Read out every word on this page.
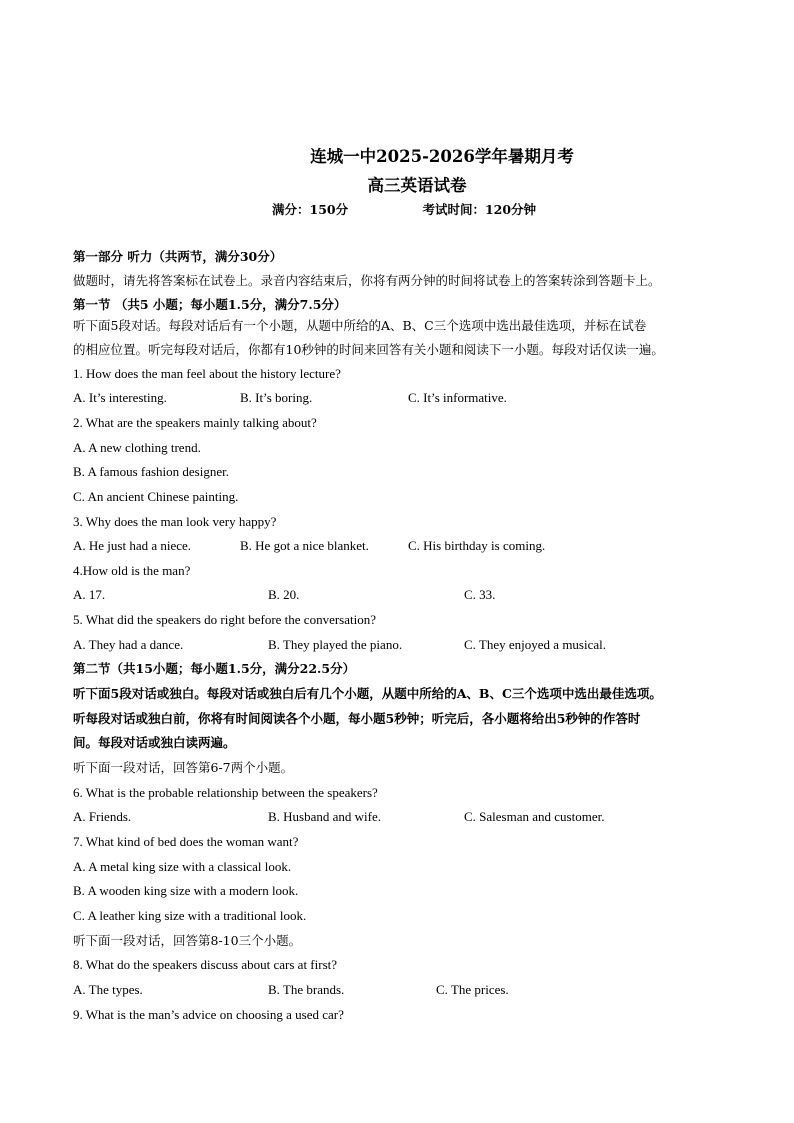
连城一中2025-2026学年暑期月考
高三英语试卷
满分：150分	考试时间：120分钟
第一部分 听力（共两节，满分30分）
做题时，请先将答案标在试卷上。录音内容结束后，你将有两分钟的时间将试卷上的答案转涂到答题卡上。
第一节 （共5 小题；每小题1.5分，满分7.5分）
听下面5段对话。每段对话后有一个小题，从题中所给的A、B、C三个选项中选出最佳选项，并标在试卷
的相应位置。听完每段对话后，你都有10秒钟的时间来回答有关小题和阅读下一小题。每段对话仅读一遍。
1. How does the man feel about the history lecture?
A. It’s interesting.	B. It’s boring.	C. It’s informative.
2. What are the speakers mainly talking about?
A. A new clothing trend.
B. A famous fashion designer.
C. An ancient Chinese painting.
3. Why does the man look very happy?
A. He just had a niece.	B. He got a nice blanket.	C. His birthday is coming.
4.How old is the man?
A. 17.	B. 20.	C. 33.
5. What did the speakers do right before the conversation?
A. They had a dance.	B. They played the piano.	C. They enjoyed a musical.
第二节（共15小题；每小题1.5分，满分22.5分）
听下面5段对话或独白。每段对话或独白后有几个小题，从题中所给的A、B、C三个选项中选出最佳选项。
听每段对话或独白前，你将有时间阅读各个小题，每小题5秒钟；听完后，各小题将给出5秒钟的作答时
间。每段对话或独白读两遍。
听下面一段对话，回答第6-7两个小题。
6. What is the probable relationship between the speakers?
A. Friends.	B. Husband and wife.	C. Salesman and customer.
7. What kind of bed does the woman want?
A. A metal king size with a classical look.
B. A wooden king size with a modern look.
C. A leather king size with a traditional look.
听下面一段对话，回答第8-10三个小题。
8. What do the speakers discuss about cars at first?
A. The types.	B. The brands.	C. The prices.
9. What is the man’s advice on choosing a used car?
